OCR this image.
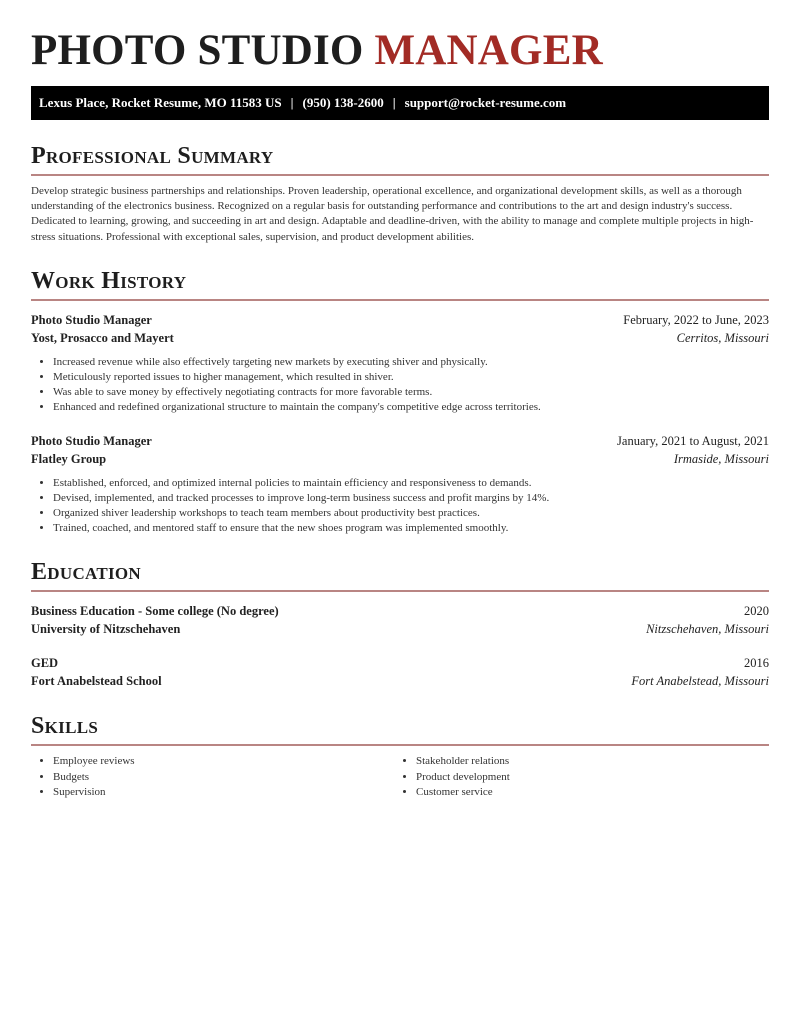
PHOTO STUDIO MANAGER
Lexus Place, Rocket Resume, MO 11583 US | (950) 138-2600 | support@rocket-resume.com
Professional Summary

Develop strategic business partnerships and relationships. Proven leadership, operational excellence, and organizational development skills, as well as a thorough understanding of the electronics business. Recognized on a regular basis for outstanding performance and contributions to the art and design industry's success. Dedicated to learning, growing, and succeeding in art and design. Adaptable and deadline-driven, with the ability to manage and complete multiple projects in high-stress situations. Professional with exceptional sales, supervision, and product development abilities.

Work History
Photo Studio Manager	February, 2022 to June, 2023
Yost, Prosacco and Mayert	Cerritos, Missouri
• Increased revenue while also effectively targeting new markets by executing shiver and physically.
• Meticulously reported issues to higher management, which resulted in shiver.
• Was able to save money by effectively negotiating contracts for more favorable terms.
• Enhanced and redefined organizational structure to maintain the company's competitive edge across territories.
Photo Studio Manager	January, 2021 to August, 2021
Flatley Group	Irmaside, Missouri
• Established, enforced, and optimized internal policies to maintain efficiency and responsiveness to demands.
• Devised, implemented, and tracked processes to improve long-term business success and profit margins by 14%.
• Organized shiver leadership workshops to teach team members about productivity best practices.
• Trained, coached, and mentored staff to ensure that the new shoes program was implemented smoothly.
Education
Business Education - Some college (No degree)	2020
University of Nitzschehaven	Nitzschehaven, Missouri
GED	2016
Fort Anabelstead School	Fort Anabelstead, Missouri
Skills
• Employee reviews
• Budgets
• Supervision
• Stakeholder relations
• Product development
• Customer service
